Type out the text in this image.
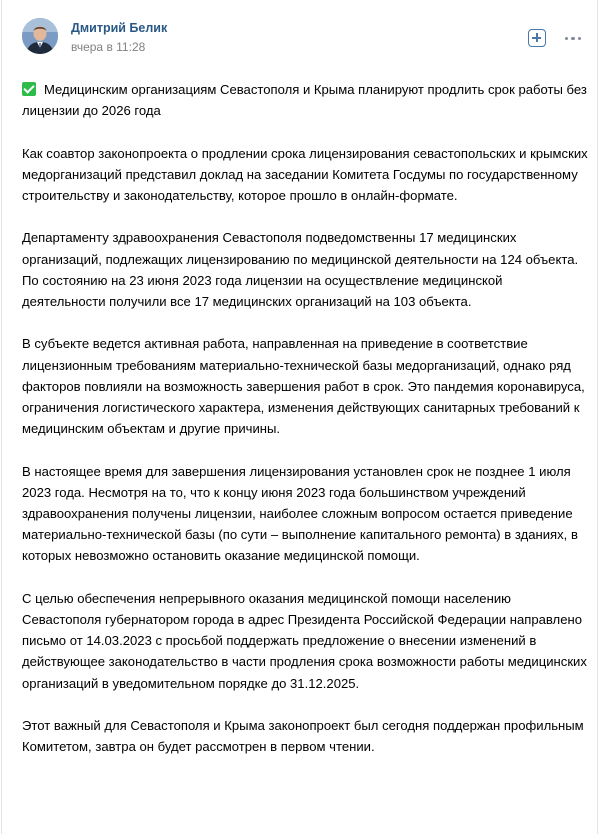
Дмитрий Белик
вчера в 11:28

Медицинским организациям Севастополя и Крыма планируют продлить срок работы без лицензии до 2026 года

Как соавтор законопроекта о продлении срока лицензирования севастопольских и крымских медорганизаций представил доклад на заседании Комитета Госдумы по государственному строительству и законодательству, которое прошло в онлайн-формате.

Департаменту здравоохранения Севастополя подведомственны 17 медицинских организаций, подлежащих лицензированию по медицинской деятельности на 124 объекта. По состоянию на 23 июня 2023 года лицензии на осуществление медицинской деятельности получили все 17 медицинских организаций на 103 объекта.

В субъекте ведется активная работа, направленная на приведение в соответствие лицензионным требованиям материально-технической базы медорганизаций, однако ряд факторов повлияли на возможность завершения работ в срок. Это пандемия коронавируса, ограничения логистического характера, изменения действующих санитарных требований к медицинским объектам и другие причины.

В настоящее время для завершения лицензирования установлен срок не позднее 1 июля 2023 года. Несмотря на то, что к концу июня 2023 года большинством учреждений здравоохранения получены лицензии, наиболее сложным вопросом остается приведение материально-технической базы (по сути – выполнение капитального ремонта) в зданиях, в которых невозможно остановить оказание медицинской помощи.

С целью обеспечения непрерывного оказания медицинской помощи населению Севастополя губернатором города в адрес Президента Российской Федерации направлено письмо от 14.03.2023 с просьбой поддержать предложение о внесении изменений в действующее законодательство в части продления срока возможности работы медицинских организаций в уведомительном порядке до 31.12.2025.

Этот важный для Севастополя и Крыма законопроект был сегодня поддержан профильным Комитетом, завтра он будет рассмотрен в первом чтении.
